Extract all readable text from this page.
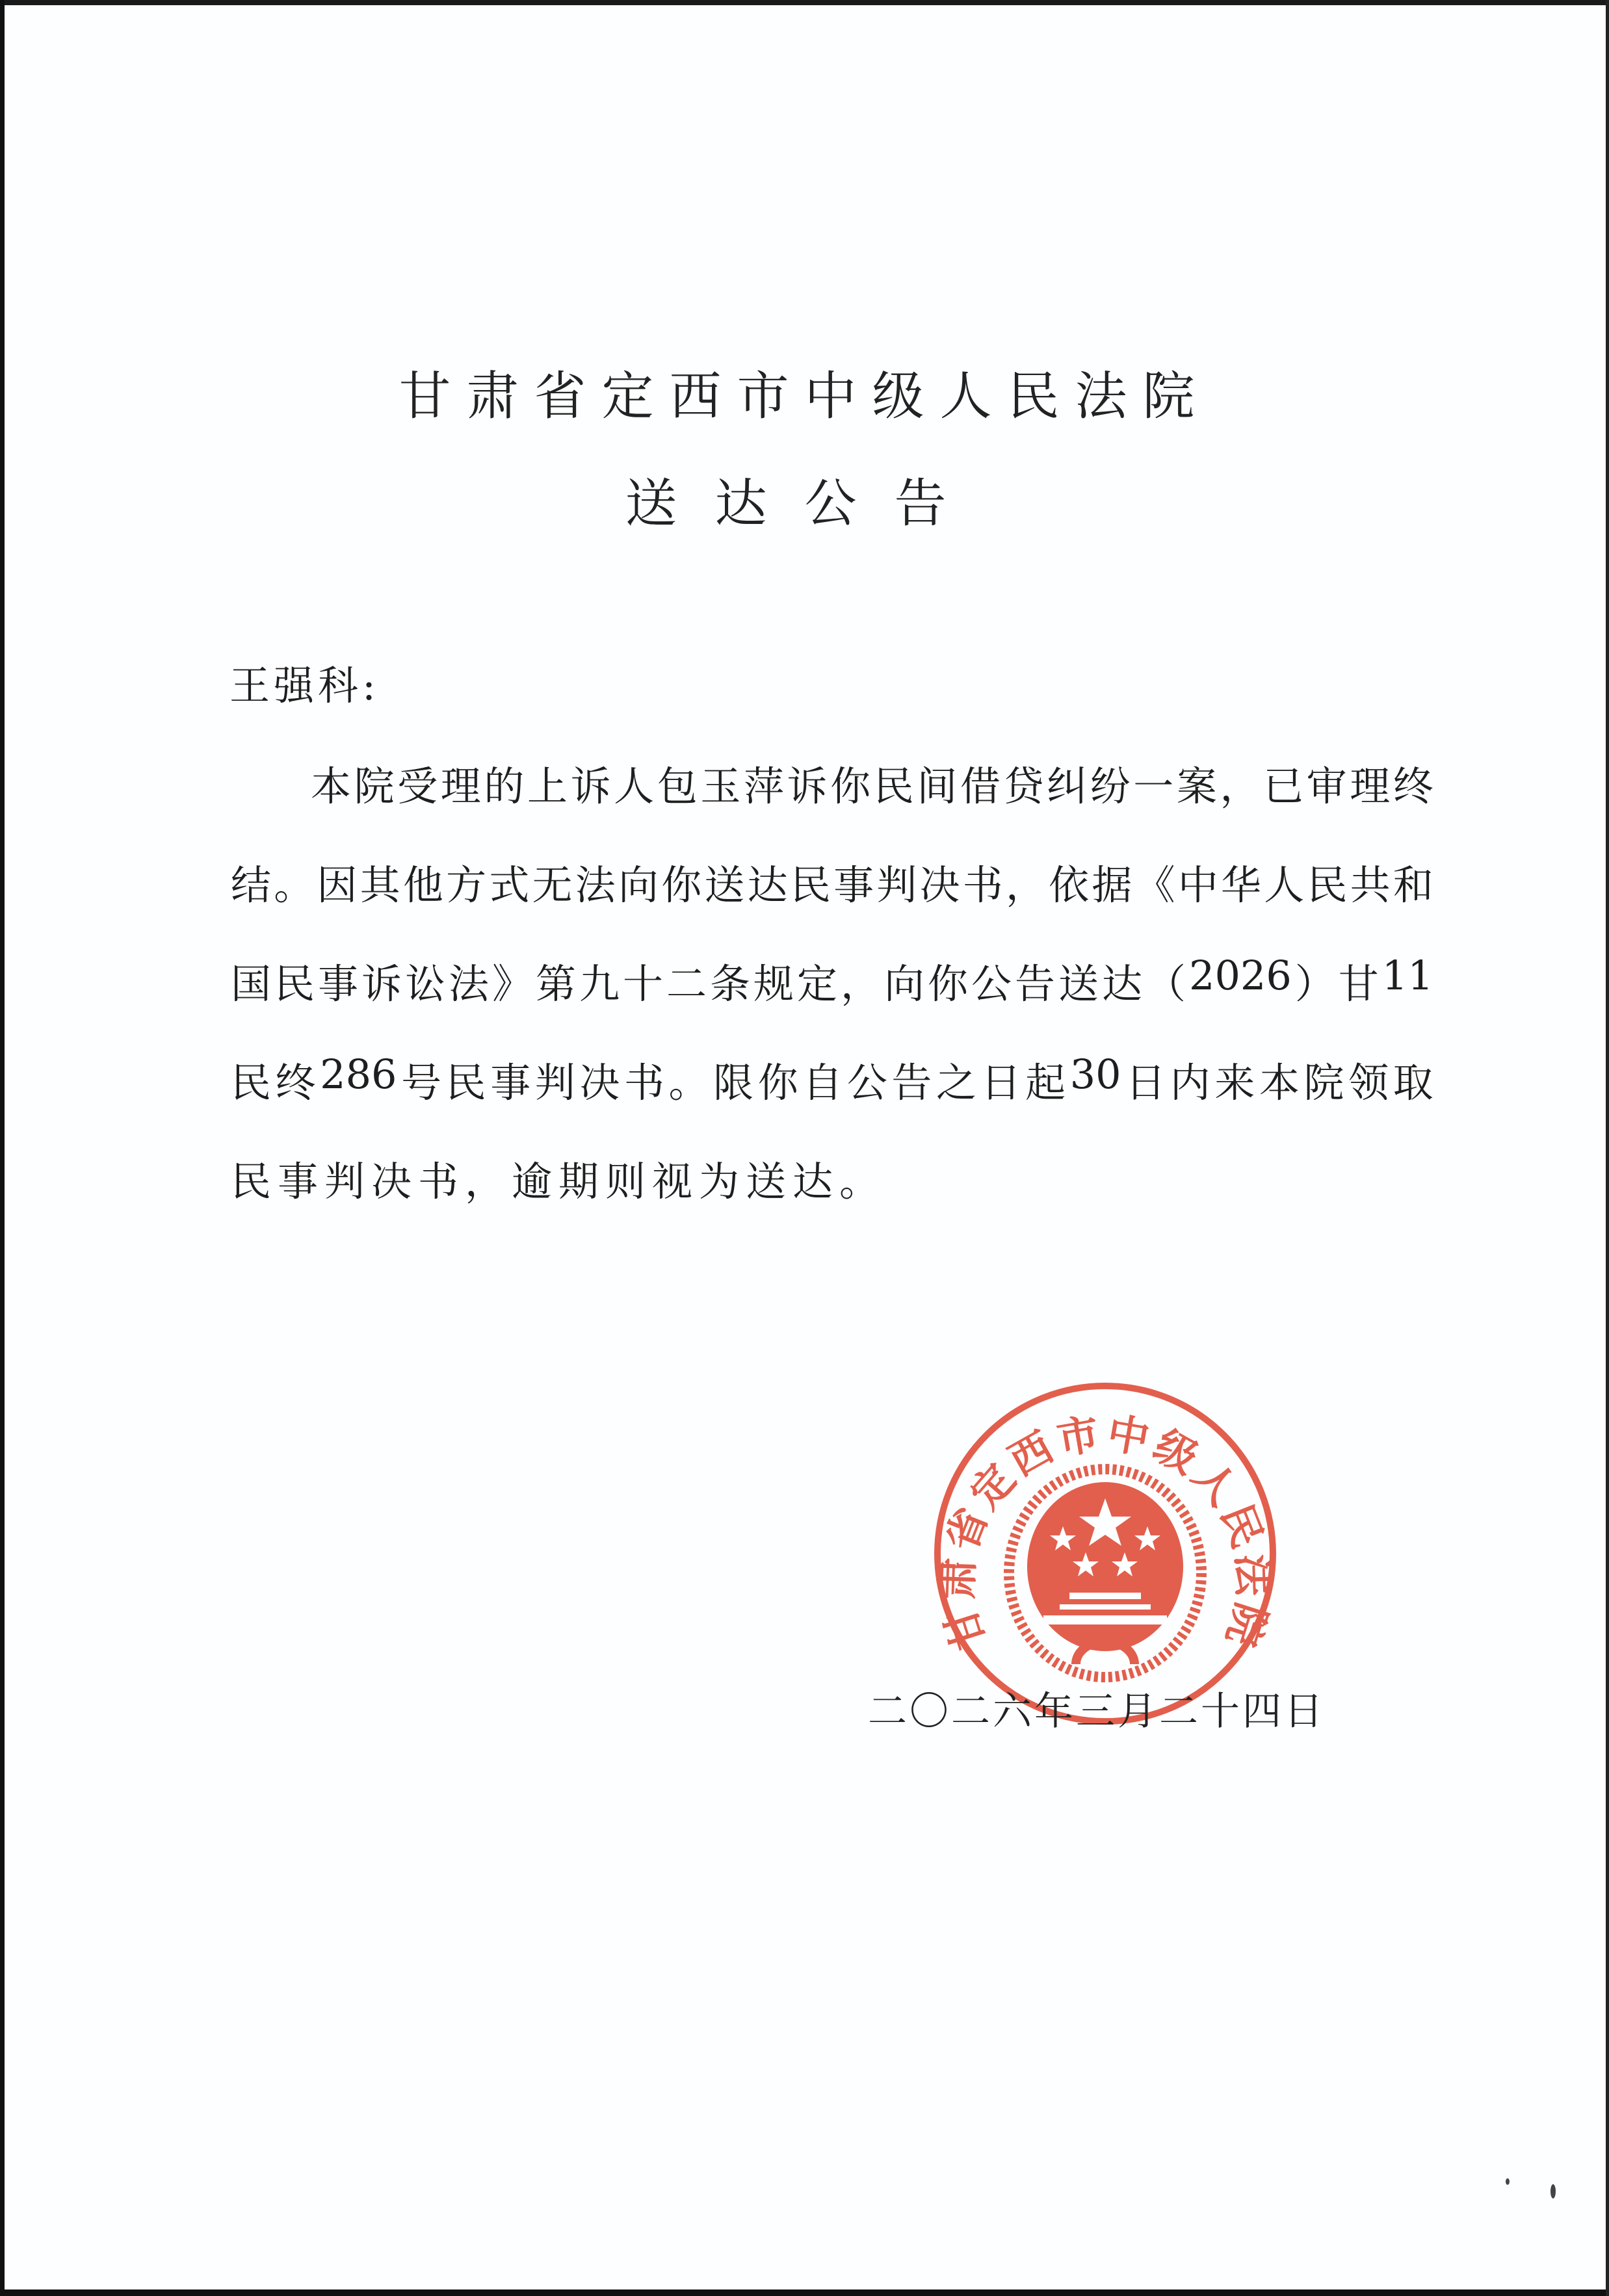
甘肃省定西市中级人民法院
送达公告
王强科:
本 院 受 理 的 上 诉 人 包 玉 萍 诉 你 民 间 借 贷 纠 纷 一 案 ， 已 审 理 终
结 。 因 其 他 方 式 无 法 向 你 送 达 民 事 判 决 书 ， 依 据 《 中 华 人 民 共 和
国 民 事 诉 讼 法 》 第 九 十 二 条 规 定 ， 向 你 公 告 送 达 （ 2026 ） 甘 11
民 终 286 号 民 事 判 决 书 。 限 你 自 公 告 之 日 起 30 日 内 来 本 院 领 取
民事判决书，逾期则视为送达。
甘肃省定西市中级人民法院
二〇二六年三月二十四日
